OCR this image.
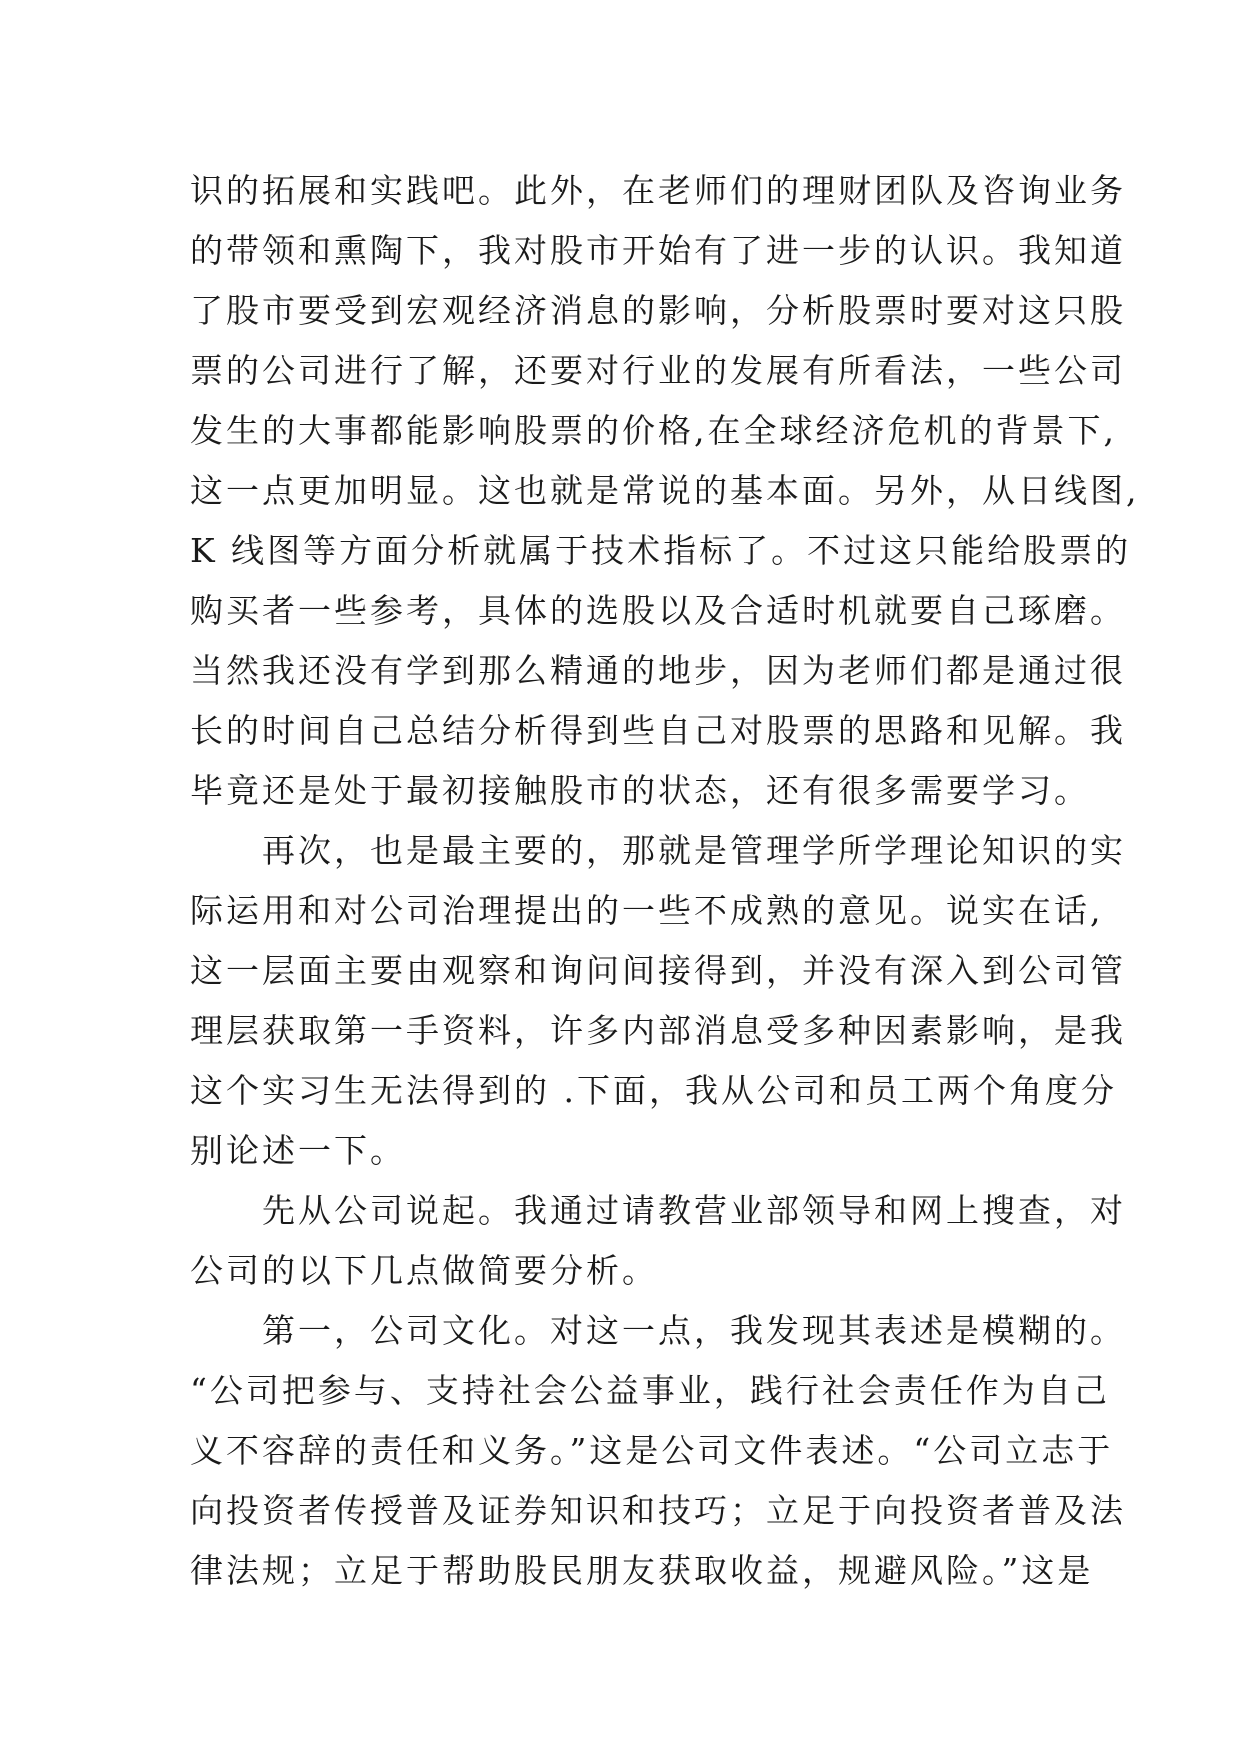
识的拓展和实践吧。此外，在老师们的理财团队及咨询业务
的带领和熏陶下，我对股市开始有了进一步的认识。我知道
了股市要受到宏观经济消息的影响，分析股票时要对这只股
票的公司进行了解，还要对行业的发展有所看法，一些公司
发生的大事都能影响股票的价格,在全球经济危机的背景下,
这一点更加明显。这也就是常说的基本面。另外，从日线图,
K 线图等方面分析就属于技术指标了。不过这只能给股票的
购买者一些参考，具体的选股以及合适时机就要自己琢磨。
当然我还没有学到那么精通的地步，因为老师们都是通过很
长的时间自己总结分析得到些自己对股票的思路和见解。我
毕竟还是处于最初接触股市的状态，还有很多需要学习。
再次，也是最主要的，那就是管理学所学理论知识的实
际运用和对公司治理提出的一些不成熟的意见。说实在话,
这一层面主要由观察和询问间接得到，并没有深入到公司管
理层获取第一手资料，许多内部消息受多种因素影响，是我
这个实习生无法得到的 .下面，我从公司和员工两个角度分
别论述一下。
先从公司说起。我通过请教营业部领导和网上搜查，对
公司的以下几点做简要分析。
第一，公司文化。对这一点，我发现其表述是模糊的。
“公司把参与、支持社会公益事业，践行社会责任作为自己
义不容辞的责任和义务。”这是公司文件表述。“公司立志于
向投资者传授普及证券知识和技巧；立足于向投资者普及法
律法规；立足于帮助股民朋友获取收益，规避风险。”这是
